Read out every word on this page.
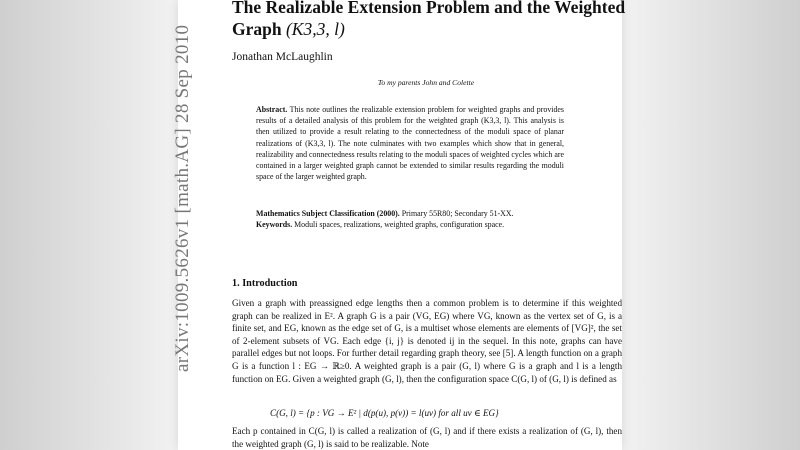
arXiv:1009.5626v1 [math.AG] 28 Sep 2010
The Realizable Extension Problem and the Weighted
Graph (K3,3, l)
Jonathan McLaughlin
To my parents John and Colette
Abstract. This note outlines the realizable extension problem for weighted graphs and provides results of a detailed analysis of this problem for the weighted graph (K3,3, l). This analysis is then utilized to provide a result relating to the connectedness of the moduli space of planar realizations of (K3,3, l). The note culminates with two examples which show that in general, realizability and connectedness results relating to the moduli spaces of weighted cycles which are contained in a larger weighted graph cannot be extended to similar results regarding the moduli space of the larger weighted graph.
Mathematics Subject Classification (2000). Primary 55R80; Secondary 51-XX.
Keywords. Moduli spaces, realizations, weighted graphs, configuration space.
1. Introduction
Given a graph with preassigned edge lengths then a common problem is to determine if this weighted graph can be realized in E². A graph G is a pair (VG, EG) where VG, known as the vertex set of G, is a finite set, and EG, known as the edge set of G, is a multiset whose elements are elements of [VG]², the set of 2-element subsets of VG. Each edge {i, j} is denoted ij in the sequel. In this note, graphs can have parallel edges but not loops. For further detail regarding graph theory, see [5]. A length function on a graph G is a function l : EG → ℝ≥0. A weighted graph is a pair (G, l) where G is a graph and l is a length function on EG. Given a weighted graph (G, l), then the configuration space C(G, l) of (G, l) is defined as
C(G, l) = {p : VG → E² | d(p(u), p(v)) = l(uv) for all uv ∈ EG}
Each p contained in C(G, l) is called a realization of (G, l) and if there exists a realization of (G, l), then the weighted graph (G, l) is said to be realizable. Note
